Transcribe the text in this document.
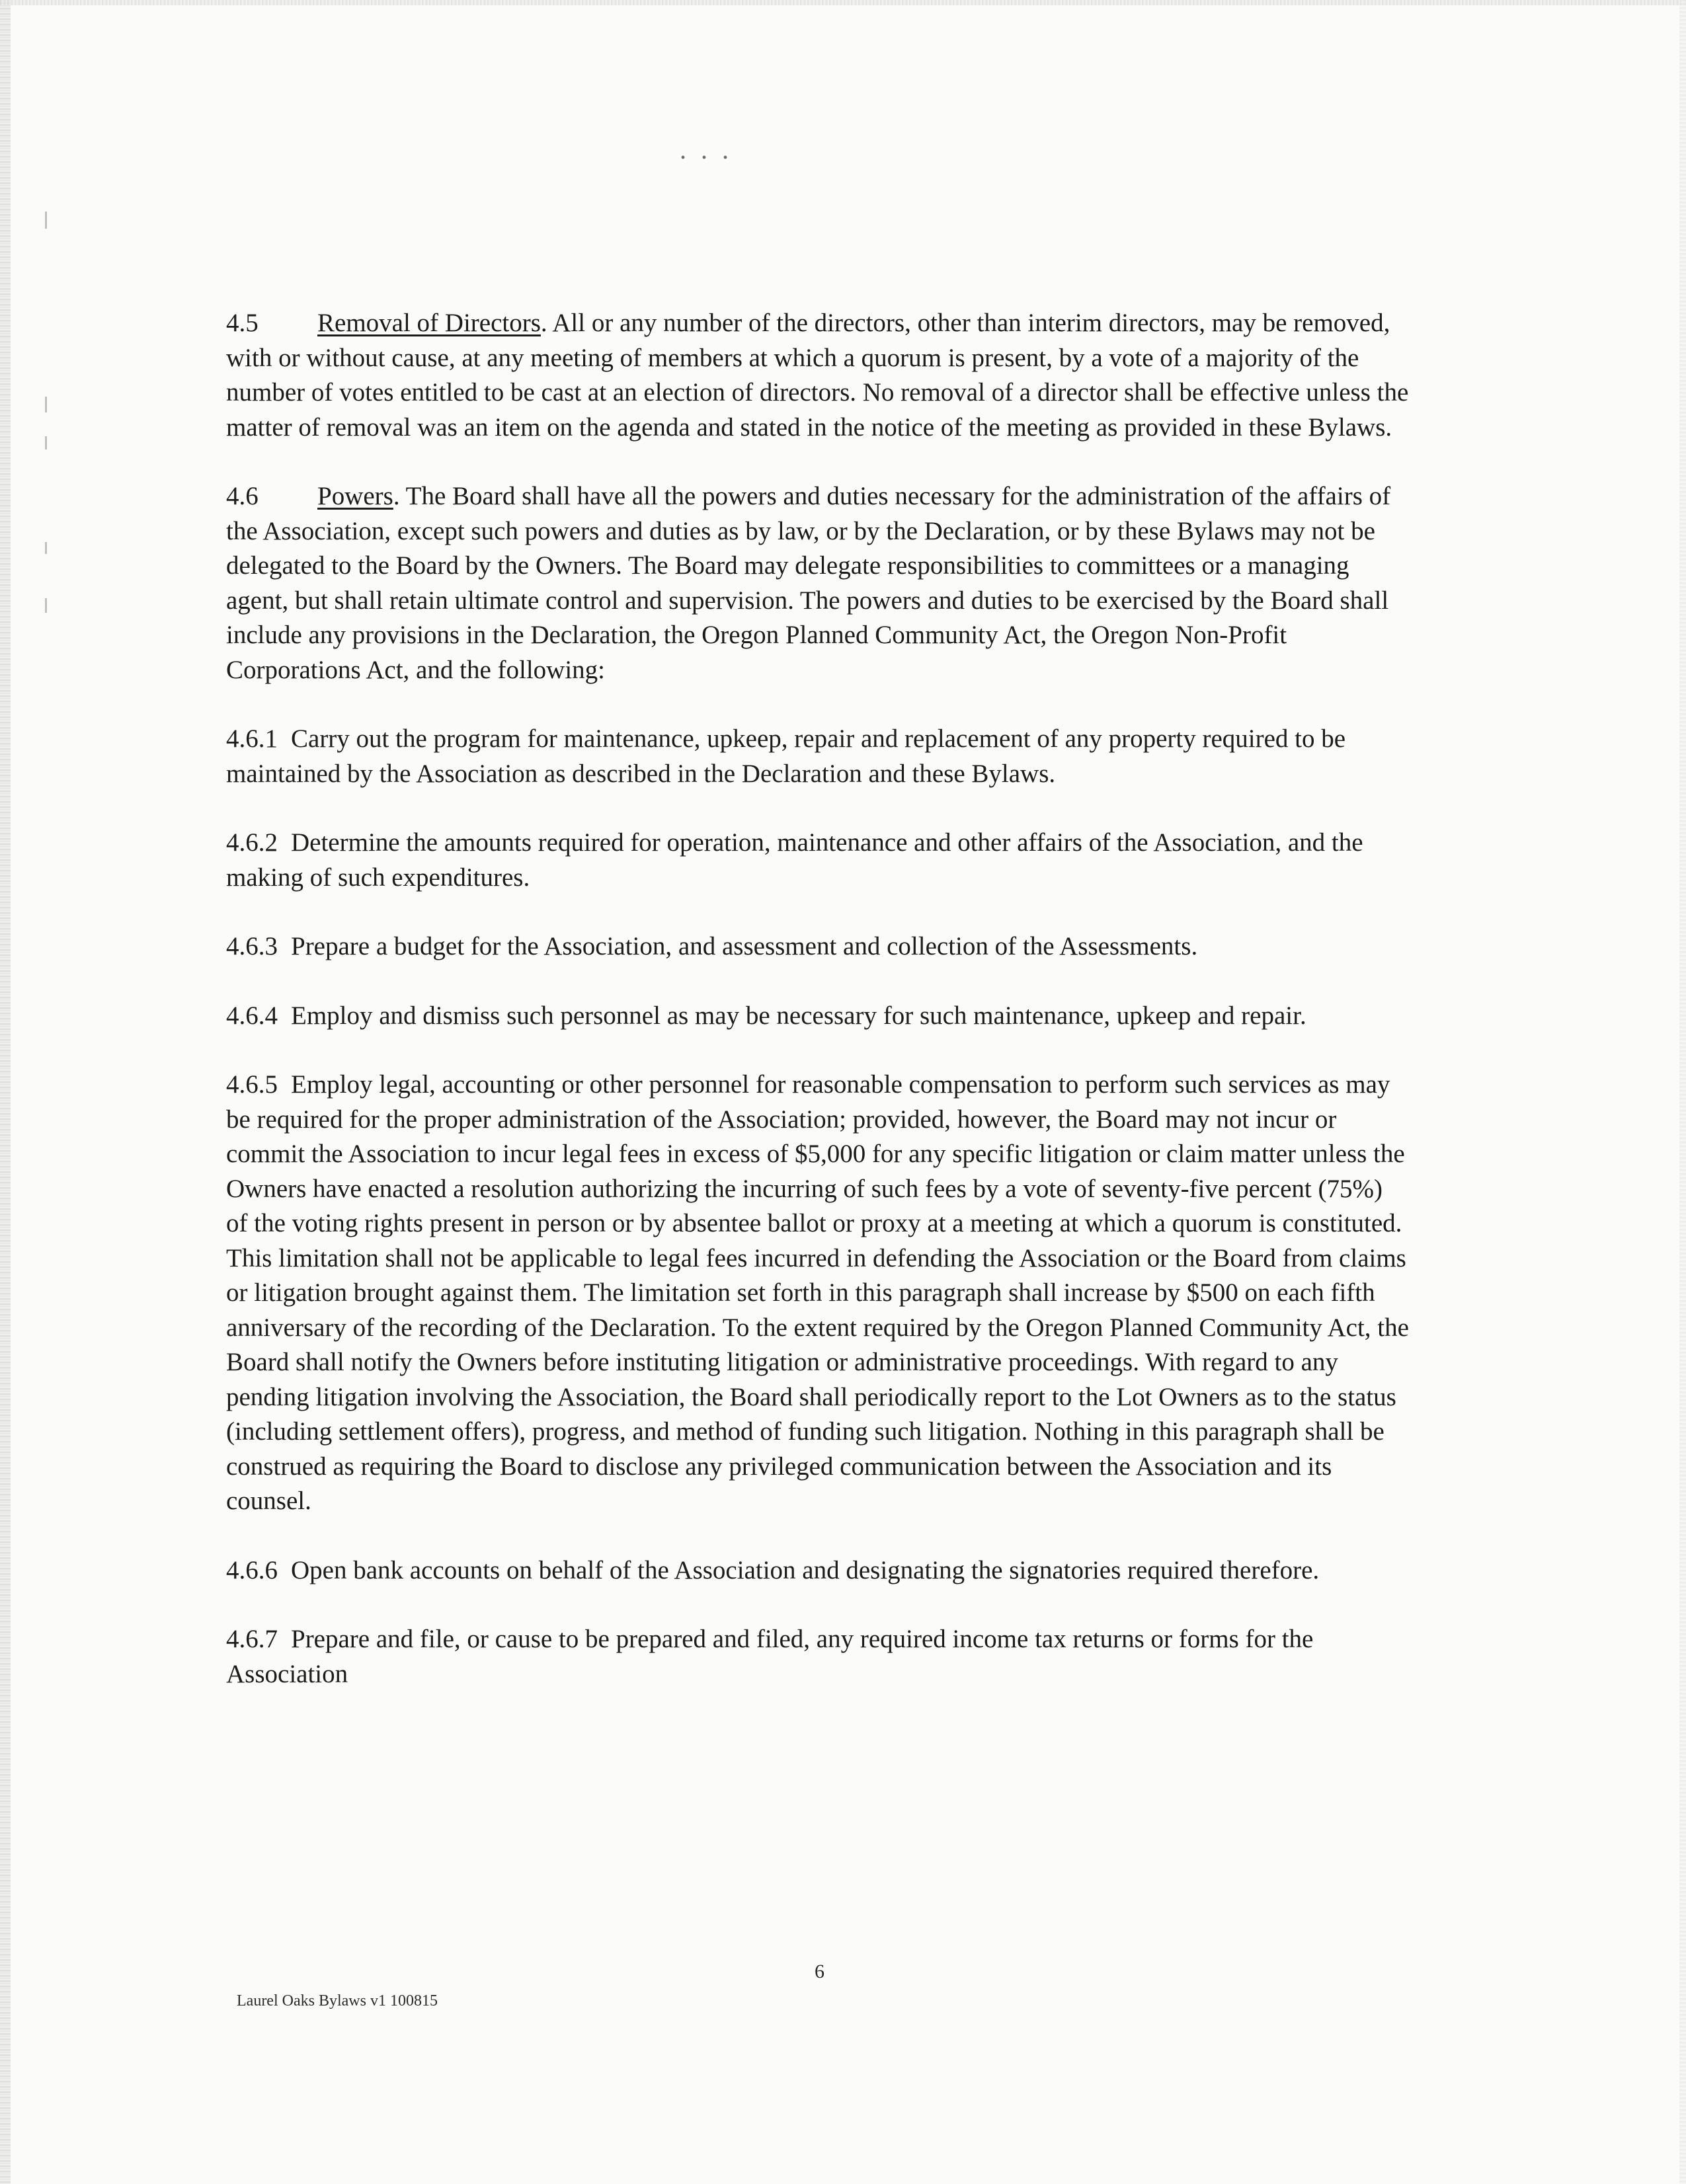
• • •

4.5 Removal of Directors. All or any number of the directors, other than interim directors, may be removed, with or without cause, at any meeting of members at which a quorum is present, by a vote of a majority of the number of votes entitled to be cast at an election of directors. No removal of a director shall be effective unless the matter of removal was an item on the agenda and stated in the notice of the meeting as provided in these Bylaws.

4.6 Powers. The Board shall have all the powers and duties necessary for the administration of the affairs of the Association, except such powers and duties as by law, or by the Declaration, or by these Bylaws may not be delegated to the Board by the Owners. The Board may delegate responsibilities to committees or a managing agent, but shall retain ultimate control and supervision. The powers and duties to be exercised by the Board shall include any provisions in the Declaration, the Oregon Planned Community Act, the Oregon Non-Profit Corporations Act, and the following:

4.6.1 Carry out the program for maintenance, upkeep, repair and replacement of any property required to be maintained by the Association as described in the Declaration and these Bylaws.

4.6.2 Determine the amounts required for operation, maintenance and other affairs of the Association, and the making of such expenditures.

4.6.3 Prepare a budget for the Association, and assessment and collection of the Assessments.

4.6.4 Employ and dismiss such personnel as may be necessary for such maintenance, upkeep and repair.

4.6.5 Employ legal, accounting or other personnel for reasonable compensation to perform such services as may be required for the proper administration of the Association; provided, however, the Board may not incur or commit the Association to incur legal fees in excess of $5,000 for any specific litigation or claim matter unless the Owners have enacted a resolution authorizing the incurring of such fees by a vote of seventy-five percent (75%) of the voting rights present in person or by absentee ballot or proxy at a meeting at which a quorum is constituted. This limitation shall not be applicable to legal fees incurred in defending the Association or the Board from claims or litigation brought against them. The limitation set forth in this paragraph shall increase by $500 on each fifth anniversary of the recording of the Declaration. To the extent required by the Oregon Planned Community Act, the Board shall notify the Owners before instituting litigation or administrative proceedings. With regard to any pending litigation involving the Association, the Board shall periodically report to the Lot Owners as to the status (including settlement offers), progress, and method of funding such litigation. Nothing in this paragraph shall be construed as requiring the Board to disclose any privileged communication between the Association and its counsel.

4.6.6 Open bank accounts on behalf of the Association and designating the signatories required therefore.

4.6.7 Prepare and file, or cause to be prepared and filed, any required income tax returns or forms for the Association

6
Laurel Oaks Bylaws v1 100815
